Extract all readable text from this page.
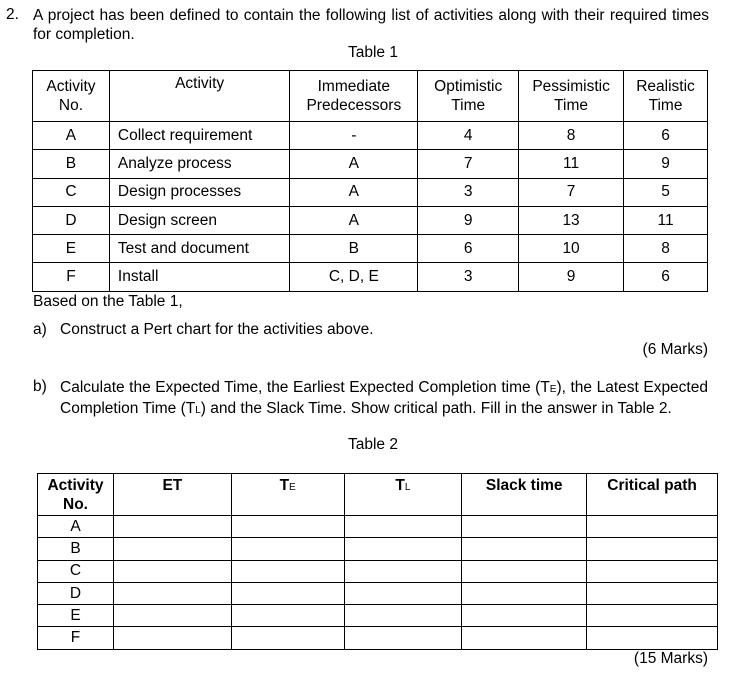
2. A project has been defined to contain the following list of activities along with their required times for completion.
Table 1
Activity No.	Activity	Immediate Predecessors	Optimistic Time	Pessimistic Time	Realistic Time
A	Collect requirement	-	4	8	6
B	Analyze process	A	7	11	9
C	Design processes	A	3	7	5
D	Design screen	A	9	13	11
E	Test and document	B	6	10	8
F	Install	C, D, E	3	9	6
Based on the Table 1,
a) Construct a Pert chart for the activities above.
(6 Marks)
b) Calculate the Expected Time, the Earliest Expected Completion time (TE), the Latest Expected Completion Time (TL) and the Slack Time. Show critical path. Fill in the answer in Table 2.
Table 2
Activity No.	ET	TE	TL	Slack time	Critical path
A					
B					
C					
D					
E					
F					
(15 Marks)
